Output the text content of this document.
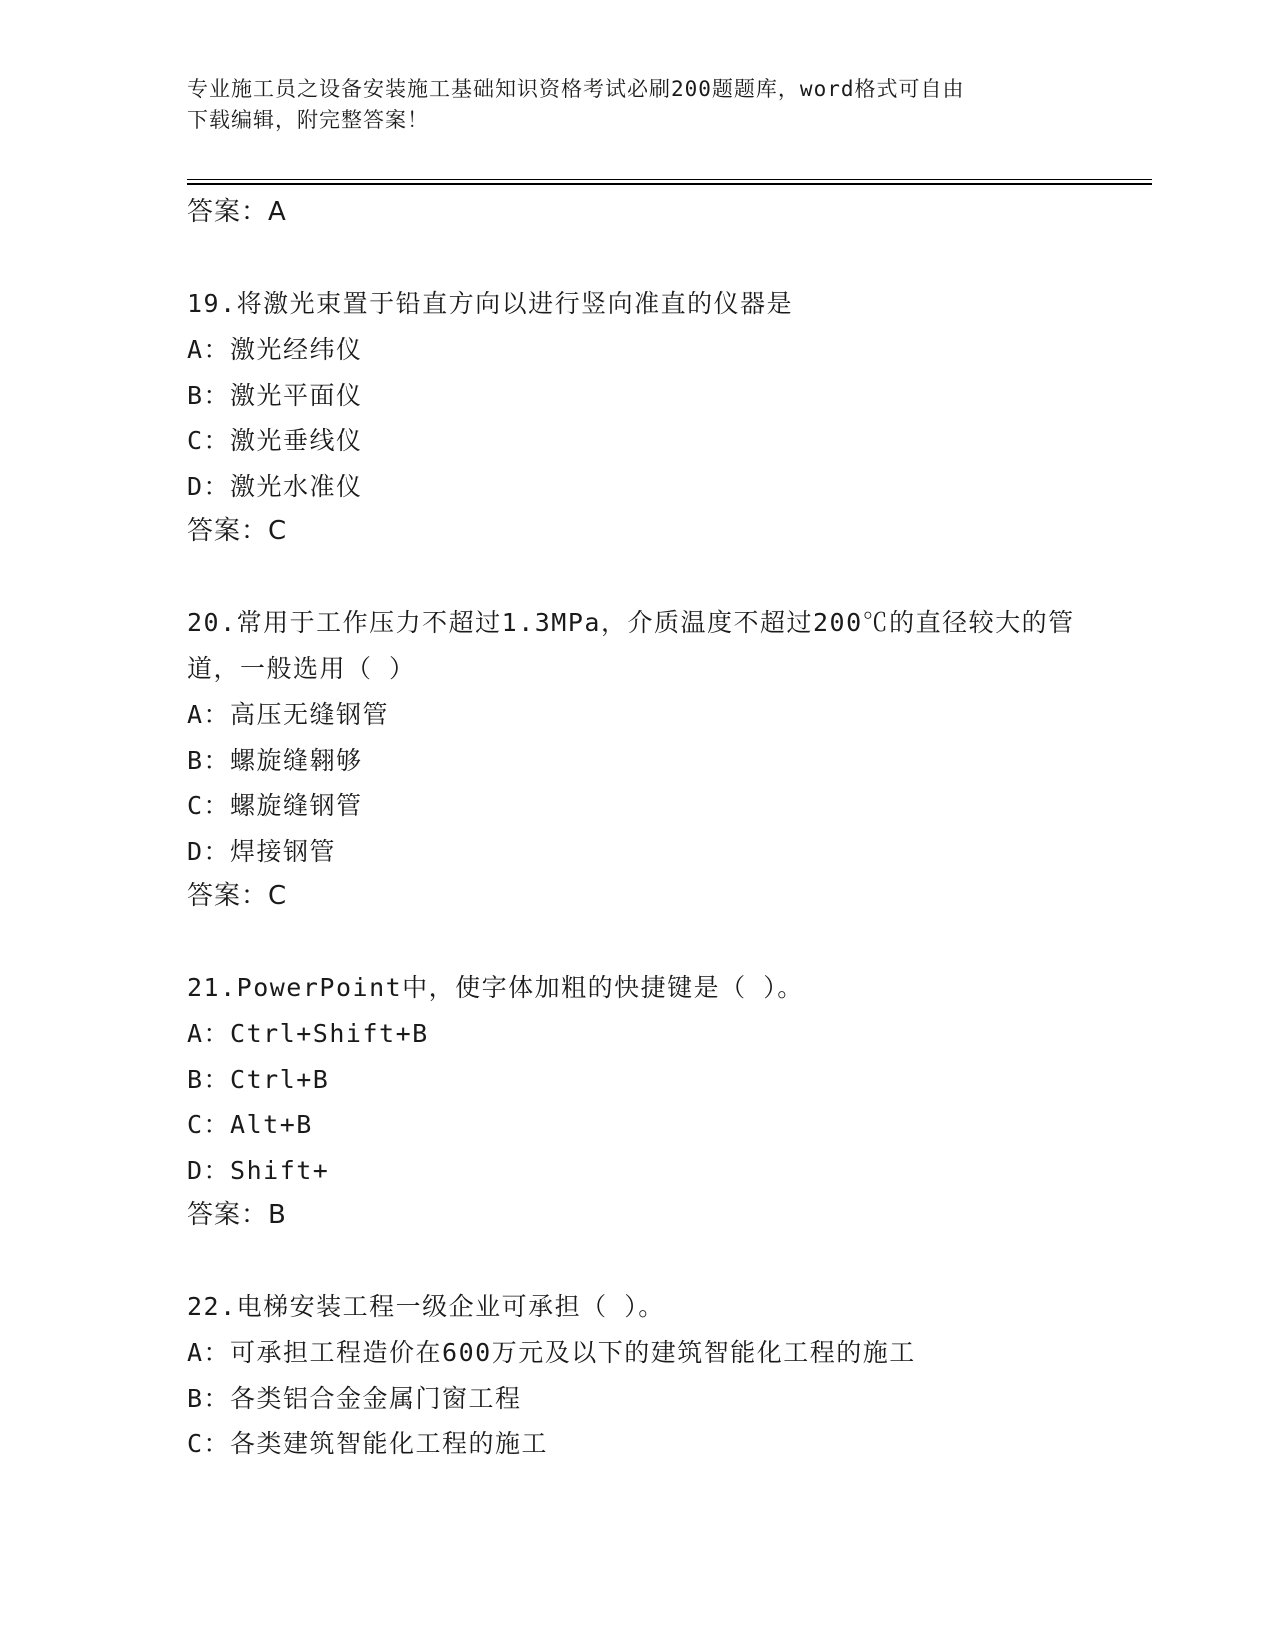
专业施工员之设备安装施工基础知识资格考试必刷200题题库，word格式可自由
下载编辑，附完整答案！
答案：A
19.将激光束置于铅直方向以进行竖向准直的仪器是
A：激光经纬仪
B：激光平面仪
C：激光垂线仪
D：激光水准仪
答案：C
20.常用于工作压力不超过1.3MPa，介质温度不超过200℃的直径较大的管道，一般选用（ ）
A：高压无缝钢管
B：螺旋缝翱够
C：螺旋缝钢管
D：焊接钢管
答案：C
21.PowerPoint中，使字体加粗的快捷键是（ ）。
A：Ctrl+Shift+B
B：Ctrl+B
C：Alt+B
D：Shift+
答案：B
22.电梯安装工程一级企业可承担（ ）。
A：可承担工程造价在600万元及以下的建筑智能化工程的施工
B：各类铝合金金属门窗工程
C：各类建筑智能化工程的施工
